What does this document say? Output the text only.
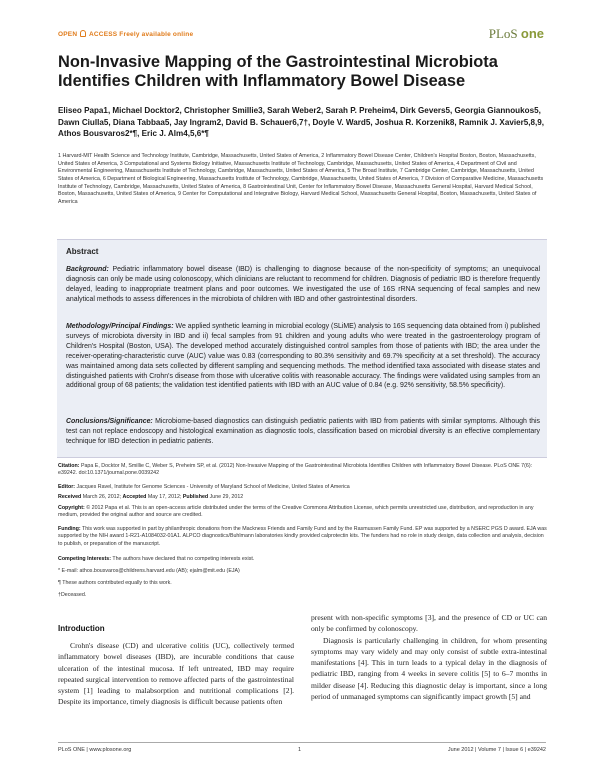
OPEN ACCESS Freely available online	PLoS one
Non-Invasive Mapping of the Gastrointestinal Microbiota Identifies Children with Inflammatory Bowel Disease
Eliseo Papa1, Michael Docktor2, Christopher Smillie3, Sarah Weber2, Sarah P. Preheim4, Dirk Gevers5, Georgia Giannoukos5, Dawn Ciulla5, Diana Tabbaa5, Jay Ingram2, David B. Schauer6,7†, Doyle V. Ward5, Joshua R. Korzenik8, Ramnik J. Xavier5,8,9, Athos Bousvaros2*¶, Eric J. Alm4,5,6*¶
1 Harvard-MIT Health Science and Technology Institute, Cambridge, Massachusetts, United States of America, 2 Inflammatory Bowel Disease Center, Children's Hospital Boston, Boston, Massachusetts, United States of America, 3 Computational and Systems Biology Initiative, Massachusetts Institute of Technology, Cambridge, Massachusetts, United States of America, 4 Department of Civil and Environmental Engineering, Massachusetts Institute of Technology, Cambridge, Massachusetts, United States of America, 5 The Broad Institute, 7 Cambridge Center, Cambridge, Massachusetts, United States of America, 6 Department of Biological Engineering, Massachusetts Institute of Technology, Cambridge, Massachusetts, United States of America, 7 Division of Comparative Medicine, Massachusetts Institute of Technology, Cambridge, Massachusetts, United States of America, 8 Gastrointestinal Unit, Center for Inflammatory Bowel Disease, Massachusetts General Hospital, Harvard Medical School, Boston, Massachusetts, United States of America, 9 Center for Computational and Integrative Biology, Harvard Medical School, Massachusetts General Hospital, Boston, Massachusetts, United States of America
Abstract
Background: Pediatric inflammatory bowel disease (IBD) is challenging to diagnose because of the non-specificity of symptoms; an unequivocal diagnosis can only be made using colonoscopy, which clinicians are reluctant to recommend for children. Diagnosis of pediatric IBD is therefore frequently delayed, leading to inappropriate treatment plans and poor outcomes. We investigated the use of 16S rRNA sequencing of fecal samples and new analytical methods to assess differences in the microbiota of children with IBD and other gastrointestinal disorders.
Methodology/Principal Findings: We applied synthetic learning in microbial ecology (SLiME) analysis to 16S sequencing data obtained from i) published surveys of microbiota diversity in IBD and ii) fecal samples from 91 children and young adults who were treated in the gastroenterology program of Children's Hospital (Boston, USA). The developed method accurately distinguished control samples from those of patients with IBD; the area under the receiver-operating-characteristic curve (AUC) value was 0.83 (corresponding to 80.3% sensitivity and 69.7% specificity at a set threshold). The accuracy was maintained among data sets collected by different sampling and sequencing methods. The method identified taxa associated with disease states and distinguished patients with Crohn's disease from those with ulcerative colitis with reasonable accuracy. The findings were validated using samples from an additional group of 68 patients; the validation test identified patients with IBD with an AUC value of 0.84 (e.g. 92% sensitivity, 58.5% specificity).
Conclusions/Significance: Microbiome-based diagnostics can distinguish pediatric patients with IBD from patients with similar symptoms. Although this test can not replace endoscopy and histological examination as diagnostic tools, classification based on microbial diversity is an effective complementary technique for IBD detection in pediatric patients.
Citation: Papa E, Docktor M, Smillie C, Weber S, Preheim SP, et al. (2012) Non-Invasive Mapping of the Gastrointestinal Microbiota Identifies Children with Inflammatory Bowel Disease. PLoS ONE 7(6): e39242. doi:10.1371/journal.pone.0039242
Editor: Jacques Ravel, Institute for Genome Sciences - University of Maryland School of Medicine, United States of America
Received March 26, 2012; Accepted May 17, 2012; Published June 29, 2012
Copyright: © 2012 Papa et al. This is an open-access article distributed under the terms of the Creative Commons Attribution License, which permits unrestricted use, distribution, and reproduction in any medium, provided the original author and source are credited.
Funding: This work was supported in part by philanthropic donations from the Mackness Friends and Family Fund and by the Rasmussen Family Fund. EP was supported by a NSERC PGS D award. EJA was supported by the NIH award 1-R21-A1084032-01A1. ALPCO diagnostics/Buhlmann laboratories kindly provided calprotectin kits. The funders had no role in study design, data collection and analysis, decision to publish, or preparation of the manuscript.
Competing Interests: The authors have declared that no competing interests exist.
* E-mail: athos.bousvaros@childrens.harvard.edu (AB); ejalm@mit.edu (EJA)
¶ These authors contributed equally to this work.
†Deceased.
Introduction

Crohn's disease (CD) and ulcerative colitis (UC), collectively termed inflammatory bowel diseases (IBD), are incurable conditions that cause ulceration of the intestinal mucosa. If left untreated, IBD may require repeated surgical intervention to remove affected parts of the gastrointestinal system [1] leading to malabsorption and nutritional complications [2]. Despite its importance, timely diagnosis is difficult because patients often

present with non-specific symptoms [3], and the presence of CD or UC can only be confirmed by colonoscopy.

Diagnosis is particularly challenging in children, for whom presenting symptoms may vary widely and may only consist of subtle extra-intestinal manifestations [4]. This in turn leads to a typical delay in the diagnosis of pediatric IBD, ranging from 4 weeks in severe colitis [5] to 6–7 months in milder disease [4]. Reducing this diagnostic delay is important, since a long period of unmanaged symptoms can significantly impact growth [5] and

PLoS ONE | www.plosone.org	1	June 2012 | Volume 7 | Issue 6 | e39242
